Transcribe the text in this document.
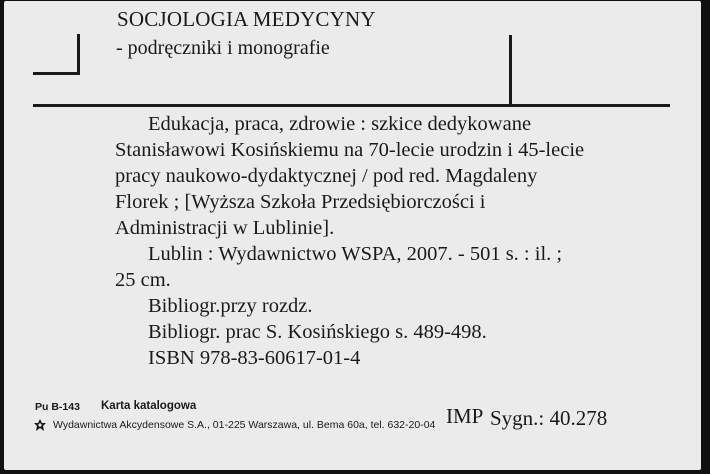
SOCJOLOGIA MEDYCYNY
- podręczniki i monografie
Edukacja, praca, zdrowie : szkice dedykowane
Stanisławowi Kosińskiemu na 70-lecie urodzin i 45-lecie
pracy naukowo-dydaktycznej / pod red. Magdaleny
Florek ; [Wyższa Szkoła Przedsiębiorczości i
Administracji w Lublinie].
Lublin : Wydawnictwo WSPA, 2007. - 501 s. : il. ;
25 cm.
Bibliogr.przy rozdz.
Bibliogr. prac S. Kosińskiego s. 489-498.
ISBN 978-83-60617-01-4
Pu B-143 Karta katalogowa
Wydawnictwa Akcydensowe S.A., 01-225 Warszawa, ul. Bema 60a, tel. 632-20-04 IMP Sygn.: 40.278
